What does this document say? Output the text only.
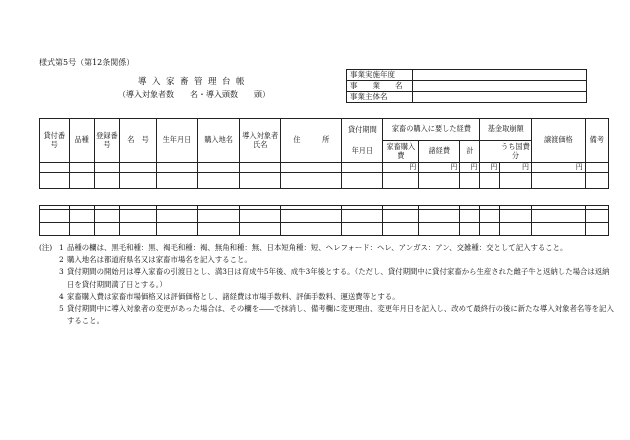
様式第5号（第12条関係）
導入家畜管理台帳
（導入対象者数　　名・導入頭数　　頭）
事業実施年度	
事　　業　　名	
事業主体名	
貸付番号	品種	登録番号	名　号	生年月日	購入地名	導入対象者氏名	住　　　所	貸付期間	家畜の購入に要した経費			基金取崩額		譲渡価格	備考
								年月日	家畜購入費	諸経費	計		うち国費分		
									円	円	円	円	円	円	

(注) 1 品種の欄は、黒毛和種：黒、褐毛和種：褐、無角和種：無、日本短角種：短、ヘレフォード：ヘレ、アンガス：アン、交雑種：交として記入すること。
2 購入地名は都道府県名又は家畜市場名を記入すること。
3 貸付期間の開始月は導入家畜の引渡日とし、満3日は育成牛5年後、成牛3年後とする。（ただし、貸付期間中に貸付家畜から生産された雌子牛と返納した場合は返納日を貸付期間満了日とする。）
4 家畜購入費は家畜市場価格又は評価価格とし、諸経費は市場手数料、評価手数料、運送費等とする。
5 貸付期間中に導入対象者の変更があった場合は、その欄を――で抹消し、備考欄に変更理由、変更年月日を記入し、改めて最終行の後に新たな導入対象者名等を記入すること。
